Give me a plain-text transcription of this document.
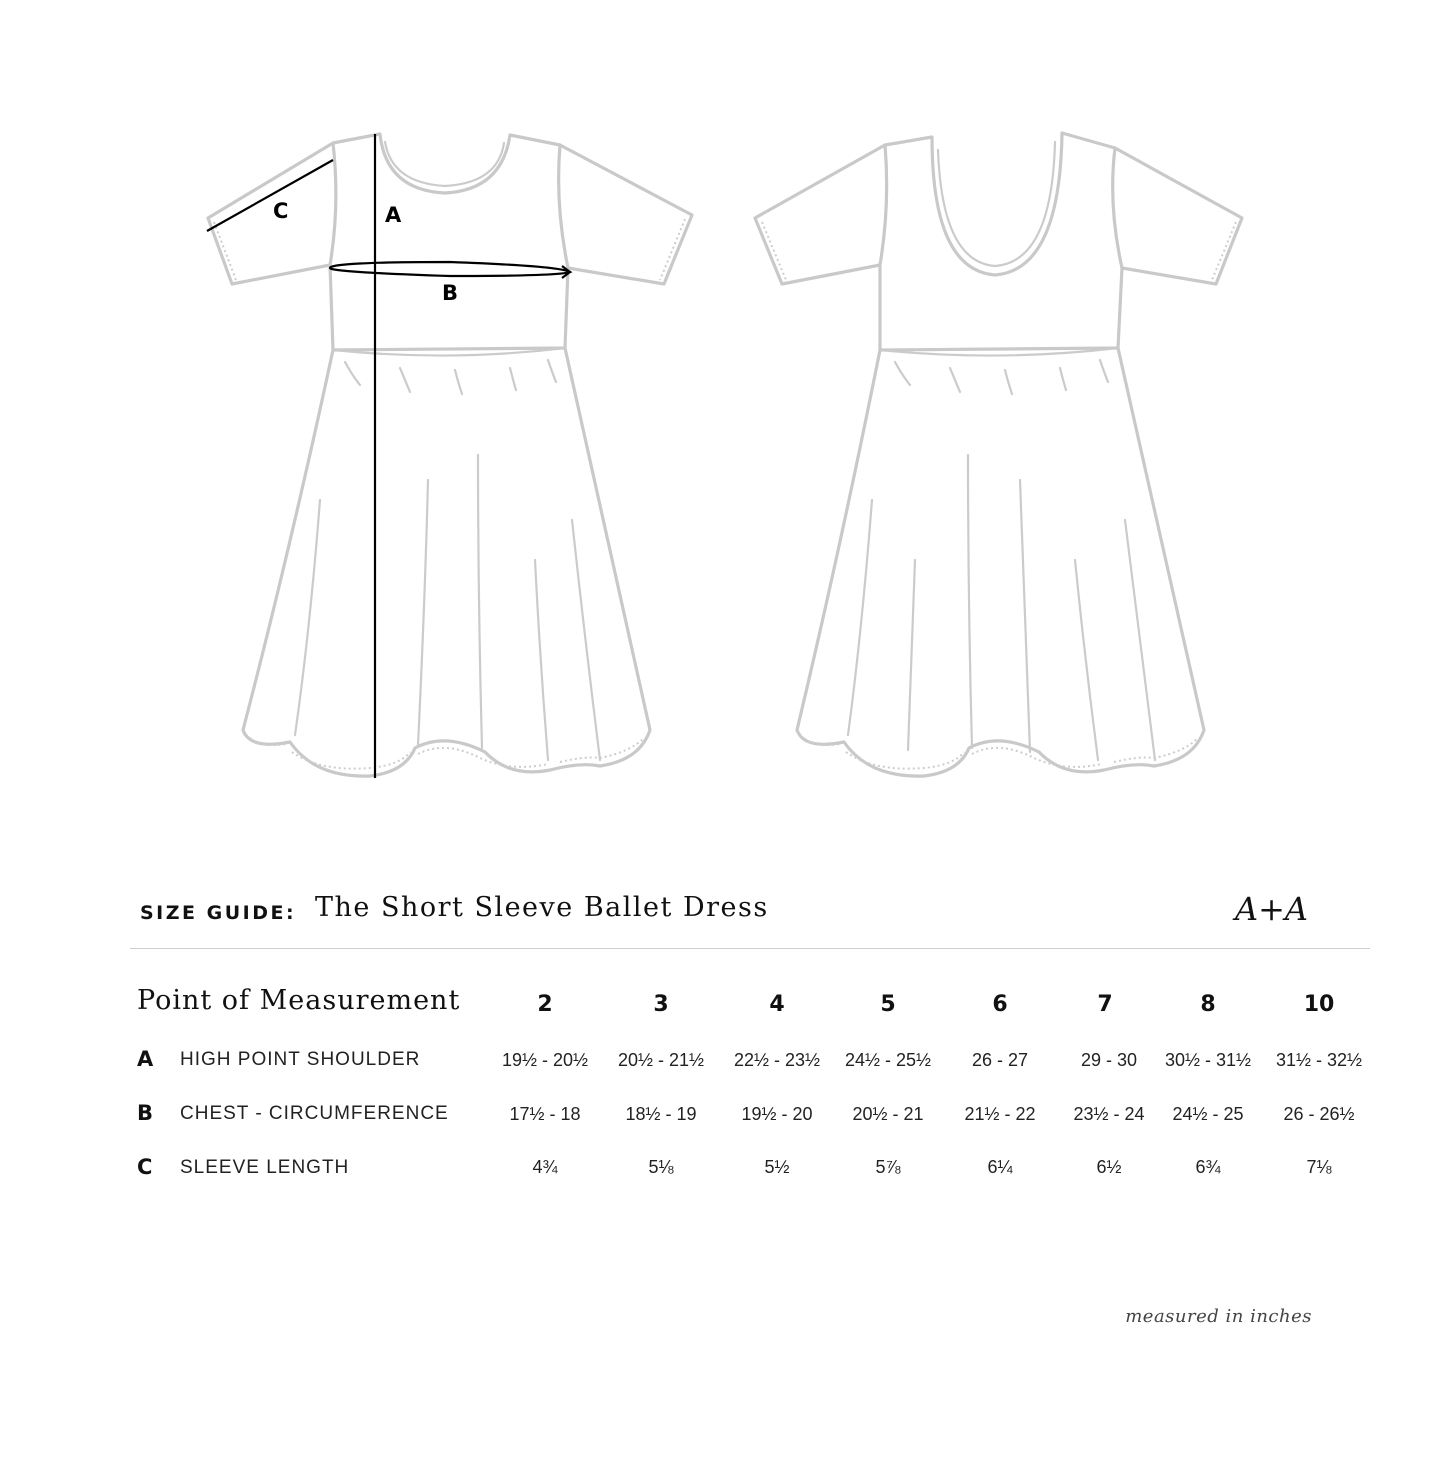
A
B
C
SIZE GUIDE: The Short Sleeve Ballet Dress	A+A
Point of Measurement	2	3	4	5	6	7	8	10
A HIGH POINT SHOULDER	19½ - 20½	20½ - 21½	22½ - 23½	24½ - 25½	26 - 27	29 - 30	30½ - 31½	31½ - 32½
B CHEST - CIRCUMFERENCE	17½ - 18	18½ - 19	19½ - 20	20½ - 21	21½ - 22	23½ - 24	24½ - 25	26 - 26½
C SLEEVE LENGTH	4¾	5⅛	5½	5⅞	6¼	6½	6¾	7⅛
measured in inches
